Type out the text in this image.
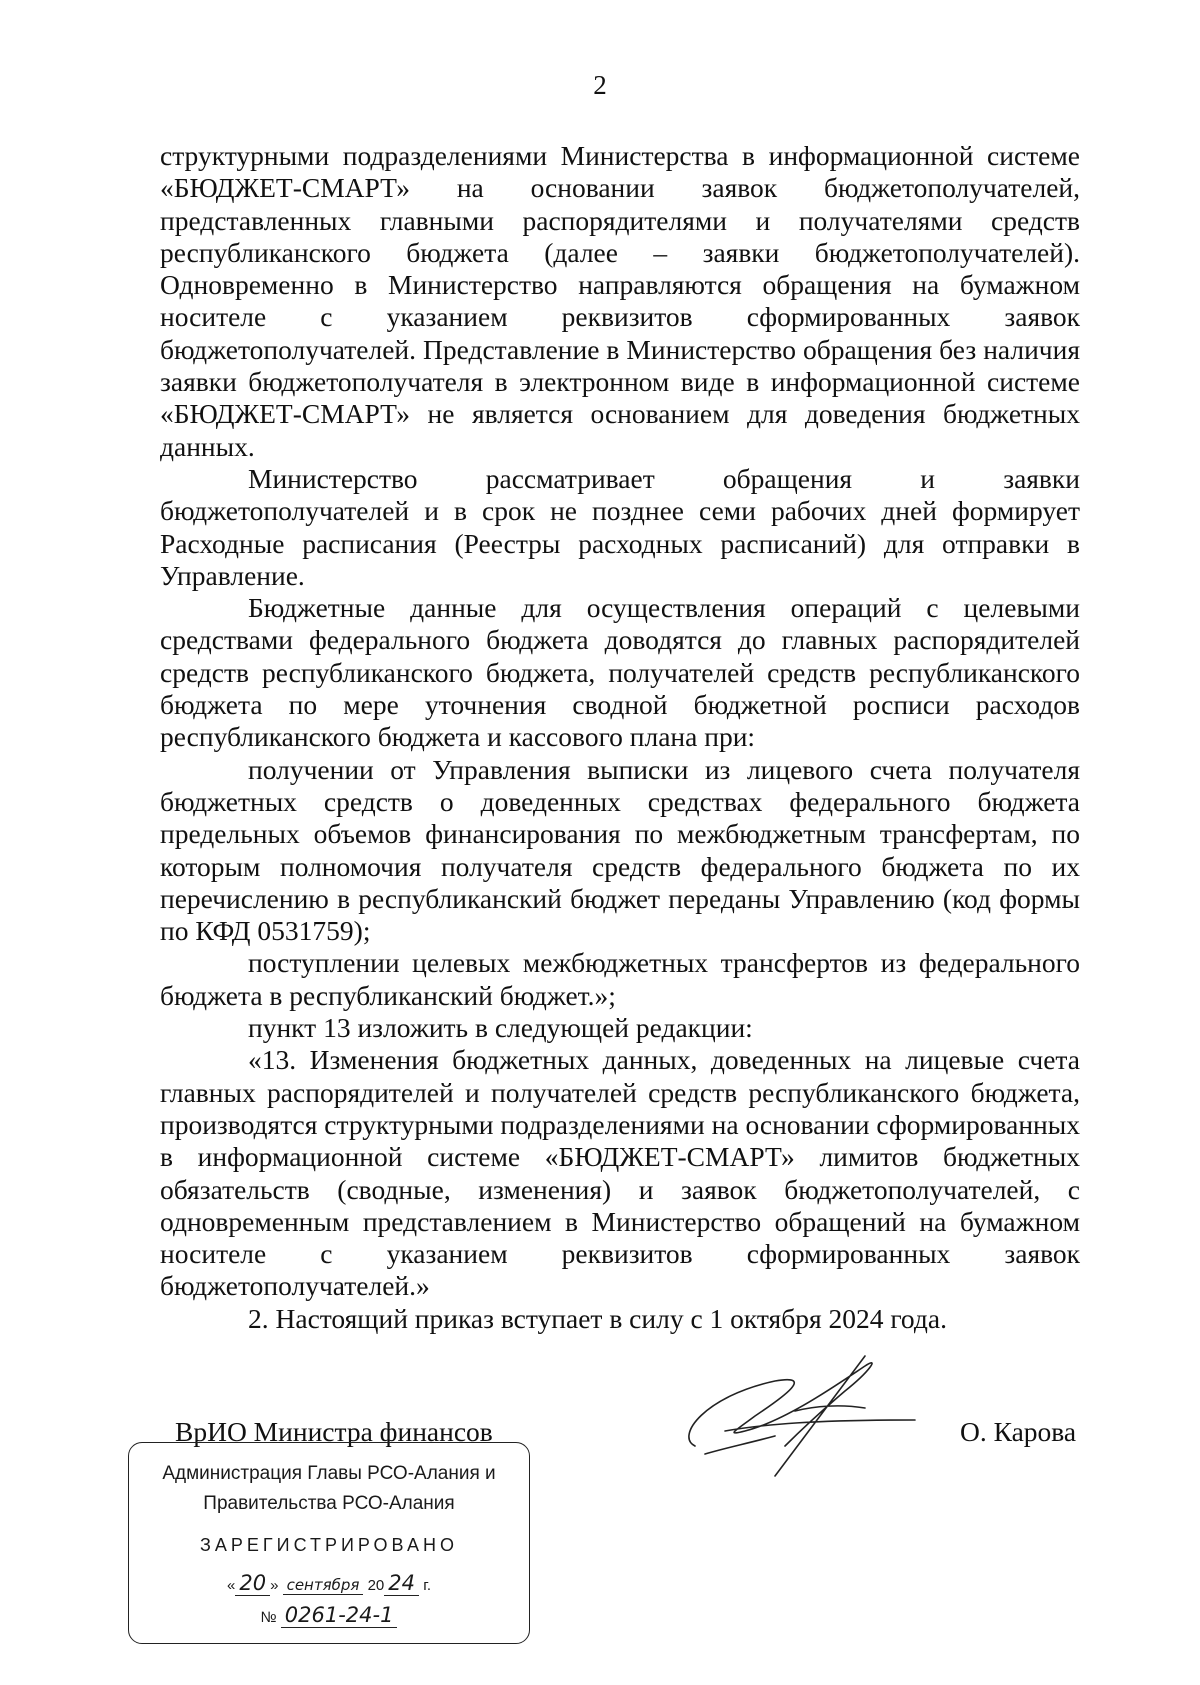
2

структурными подразделениями Министерства в информационной системе «БЮДЖЕТ-СМАРТ» на основании заявок бюджетополучателей, представленных главными распорядителями и получателями средств республиканского бюджета (далее – заявки бюджетополучателей). Одновременно в Министерство направляются обращения на бумажном носителе с указанием реквизитов сформированных заявок бюджетополучателей. Представление в Министерство обращения без наличия заявки бюджетополучателя в электронном виде в информационной системе «БЮДЖЕТ-СМАРТ» не является основанием для доведения бюджетных данных.

Министерство рассматривает обращения и заявки бюджетополучателей и в срок не позднее семи рабочих дней формирует Расходные расписания (Реестры расходных расписаний) для отправки в Управление.

Бюджетные данные для осуществления операций с целевыми средствами федерального бюджета доводятся до главных распорядителей средств республиканского бюджета, получателей средств республиканского бюджета по мере уточнения сводной бюджетной росписи расходов республиканского бюджета и кассового плана при:

получении от Управления выписки из лицевого счета получателя бюджетных средств о доведенных средствах федерального бюджета предельных объемов финансирования по межбюджетным трансфертам, по которым полномочия получателя средств федерального бюджета по их перечислению в республиканский бюджет переданы Управлению (код формы по КФД 0531759);

поступлении целевых межбюджетных трансфертов из федерального бюджета в республиканский бюджет.»;

пункт 13 изложить в следующей редакции:

«13. Изменения бюджетных данных, доведенных на лицевые счета главных распорядителей и получателей средств республиканского бюджета, производятся структурными подразделениями на основании сформированных в информационной системе «БЮДЖЕТ-СМАРТ» лимитов бюджетных обязательств (сводные, изменения) и заявок бюджетополучателей, с одновременным представлением в Министерство обращений на бумажном носителе с указанием реквизитов сформированных заявок бюджетополучателей.»

2. Настоящий приказ вступает в силу с 1 октября 2024 года.

ВрИО Министра финансов	О. Карова
Администрация Главы РСО-Алания и
Правительства РСО-Алания
ЗАРЕГИСТРИРОВАНО
« 20 » сентября 20 24 г.
№ 0261-24-1
